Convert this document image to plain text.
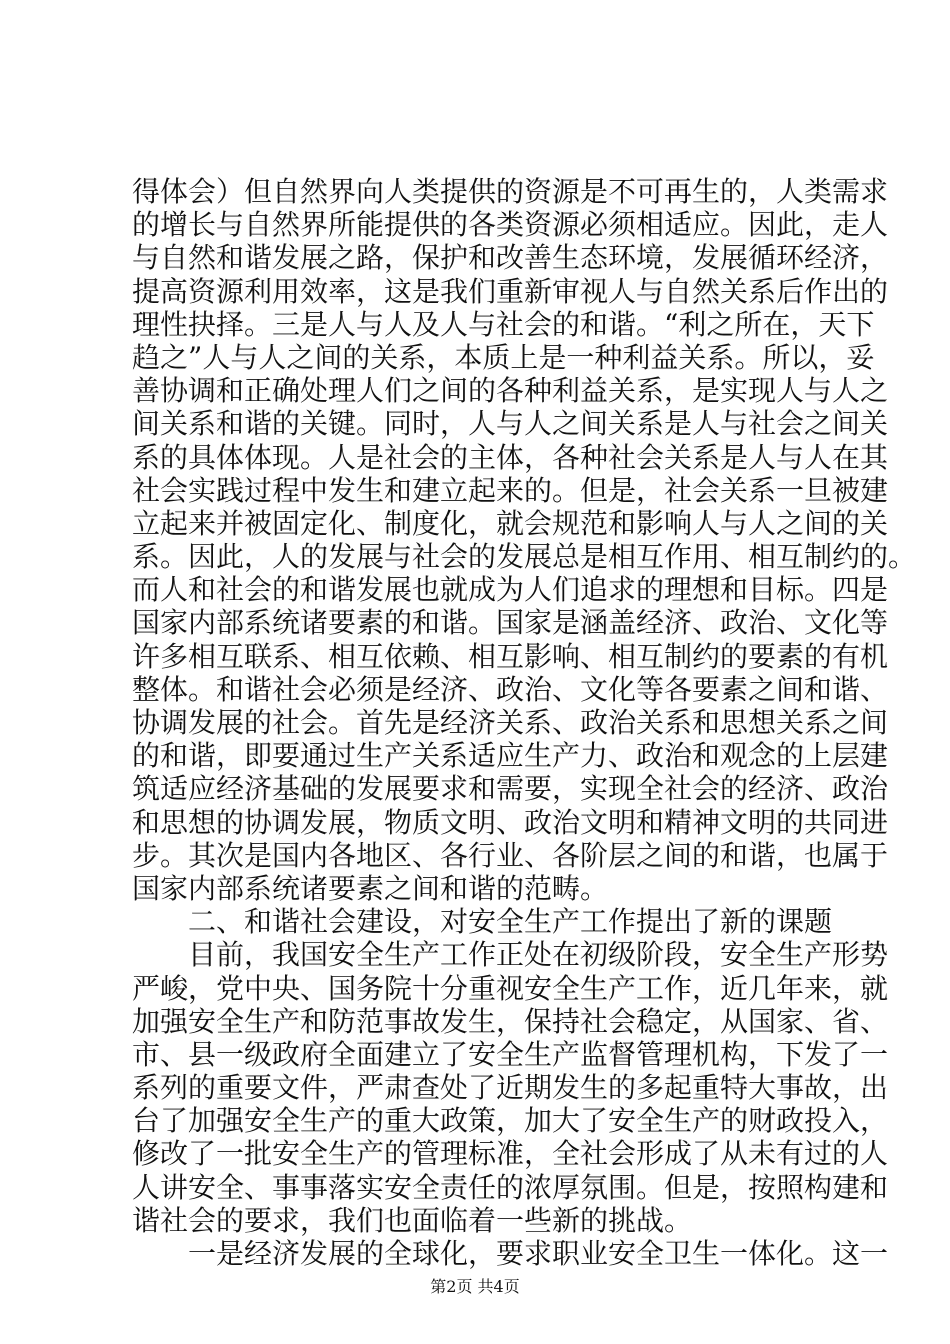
得体会）但自然界向人类提供的资源是不可再生的，人类需求
的增长与自然界所能提供的各类资源必须相适应。因此，走人
与自然和谐发展之路，保护和改善生态环境，发展循环经济，
提高资源利用效率，这是我们重新审视人与自然关系后作出的
理性抉择。三是人与人及人与社会的和谐。“利之所在，天下
趋之”人与人之间的关系，本质上是一种利益关系。所以，妥
善协调和正确处理人们之间的各种利益关系，是实现人与人之
间关系和谐的关键。同时，人与人之间关系是人与社会之间关
系的具体体现。人是社会的主体，各种社会关系是人与人在其
社会实践过程中发生和建立起来的。但是，社会关系一旦被建
立起来并被固定化、制度化，就会规范和影响人与人之间的关
系。因此，人的发展与社会的发展总是相互作用、相互制约的。
而人和社会的和谐发展也就成为人们追求的理想和目标。四是
国家内部系统诸要素的和谐。国家是涵盖经济、政治、文化等
许多相互联系、相互依赖、相互影响、相互制约的要素的有机
整体。和谐社会必须是经济、政治、文化等各要素之间和谐、
协调发展的社会。首先是经济关系、政治关系和思想关系之间
的和谐，即要通过生产关系适应生产力、政治和观念的上层建
筑适应经济基础的发展要求和需要，实现全社会的经济、政治
和思想的协调发展，物质文明、政治文明和精神文明的共同进
步。其次是国内各地区、各行业、各阶层之间的和谐，也属于
国家内部系统诸要素之间和谐的范畴。
　　二、和谐社会建设，对安全生产工作提出了新的课题
　　目前，我国安全生产工作正处在初级阶段，安全生产形势
严峻，党中央、国务院十分重视安全生产工作，近几年来，就
加强安全生产和防范事故发生，保持社会稳定，从国家、省、
市、县一级政府全面建立了安全生产监督管理机构，下发了一
系列的重要文件，严肃查处了近期发生的多起重特大事故，出
台了加强安全生产的重大政策，加大了安全生产的财政投入，
修改了一批安全生产的管理标准，全社会形成了从未有过的人
人讲安全、事事落实安全责任的浓厚氛围。但是，按照构建和
谐社会的要求，我们也面临着一些新的挑战。
　　一是经济发展的全球化，要求职业安全卫生一体化。这一
第2页 共4页
